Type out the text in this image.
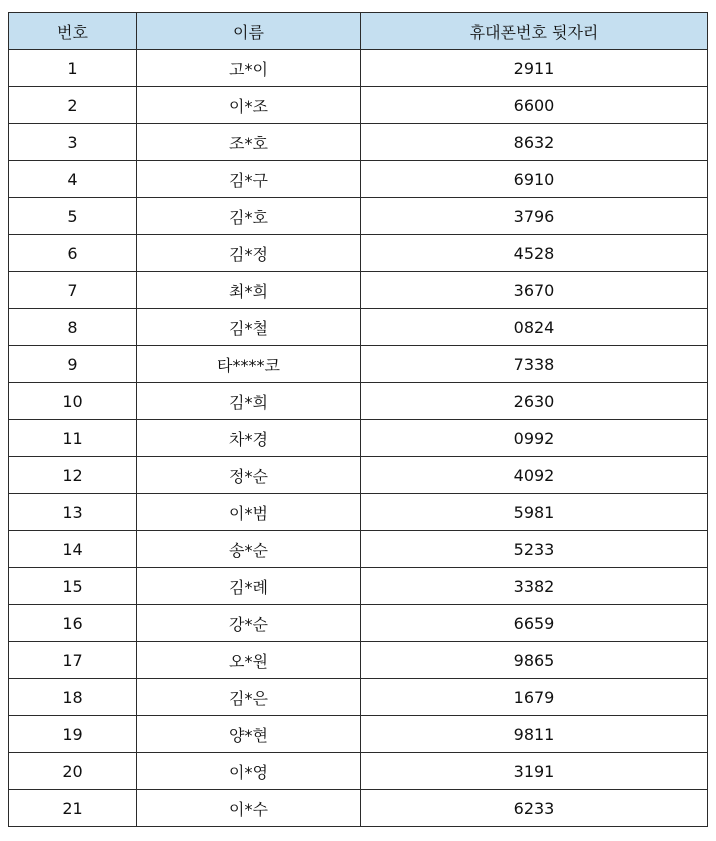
번호	이름	휴대폰번호 뒷자리
1	고*이	2911
2	이*조	6600
3	조*호	8632
4	김*구	6910
5	김*호	3796
6	김*정	4528
7	최*희	3670
8	김*철	0824
9	타****코	7338
10	김*희	2630
11	차*경	0992
12	정*순	4092
13	이*범	5981
14	송*순	5233
15	김*례	3382
16	강*순	6659
17	오*원	9865
18	김*은	1679
19	양*현	9811
20	이*영	3191
21	이*수	6233
